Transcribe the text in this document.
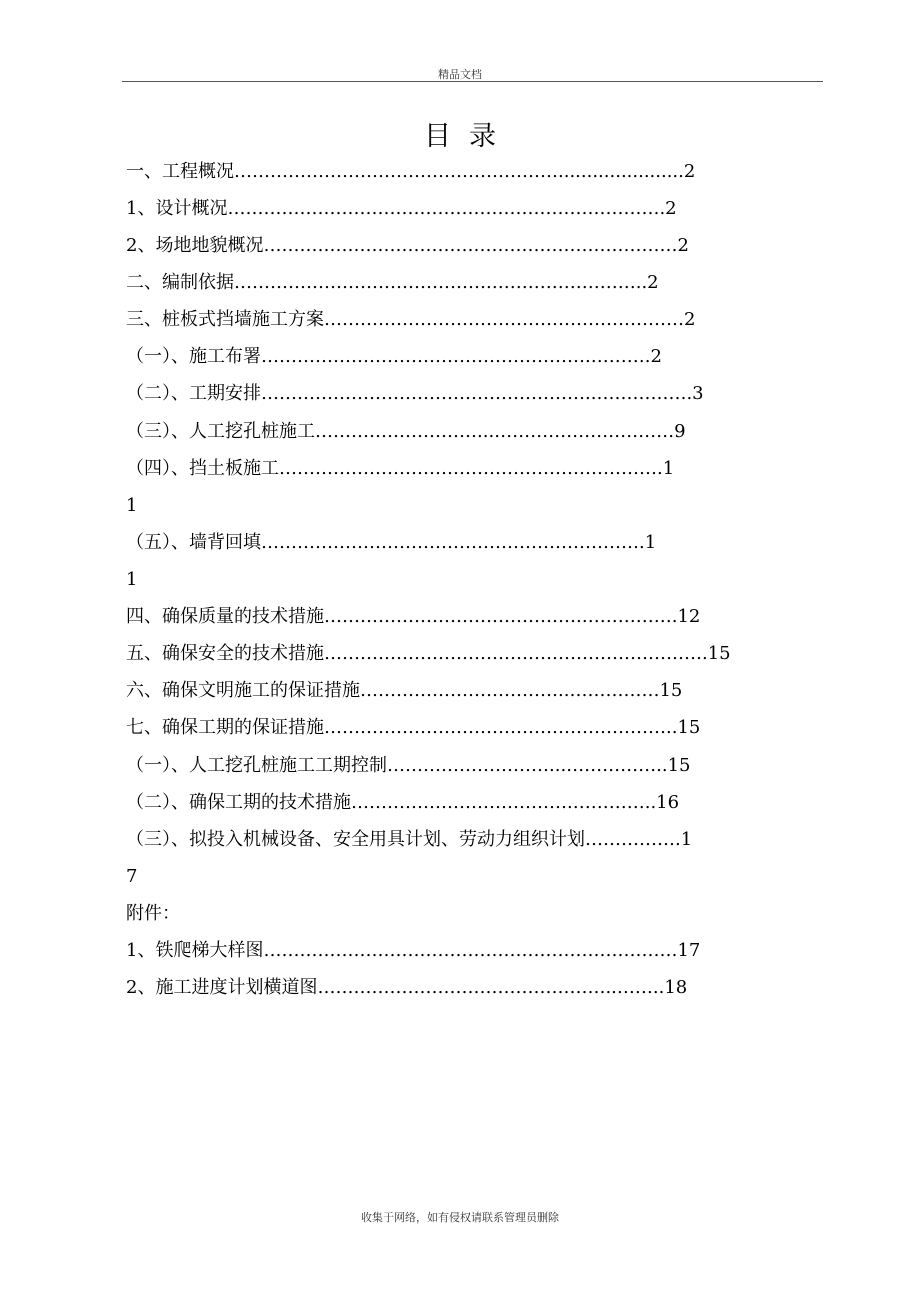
精品文档
目录
一、工程概况………………………………………………......................2
1、设计概况……………………………………………………………….2
2、场地地貌概况……………………………………………………………2
二、编制依据…………………………………….……………………..2
三、桩板式挡墙施工方案……………………………………………………2
（一）、施工布署……………………………………………….……….2
（二）、工期安排………………………………………………..…………….3
（三）、人工挖孔桩施工………………………...…………………………9
（四）、挡土板施工……………………………………………………….1
1
（五）、墙背回填……………………………………………………….1
1
四、确保质量的技术措施…………………………………….…………….12
五、确保安全的技术措施……………………………………………………….15
六、确保文明施工的保证措施……………………………..……………15
七、确保工期的保证措施…………………………………………………..15
（一）、人工挖孔桩施工工期控制………………………...……………..15
（二）、确保工期的技术措施……………………………….…………..16
（三）、拟投入机械设备、安全用具计划、劳动力组织计划…………….1
7
附件：
1、铁爬梯大样图……………………………………………………………17
2、施工进度计划横道图…………………………………………..……..18
收集于网络，如有侵权请联系管理员删除
